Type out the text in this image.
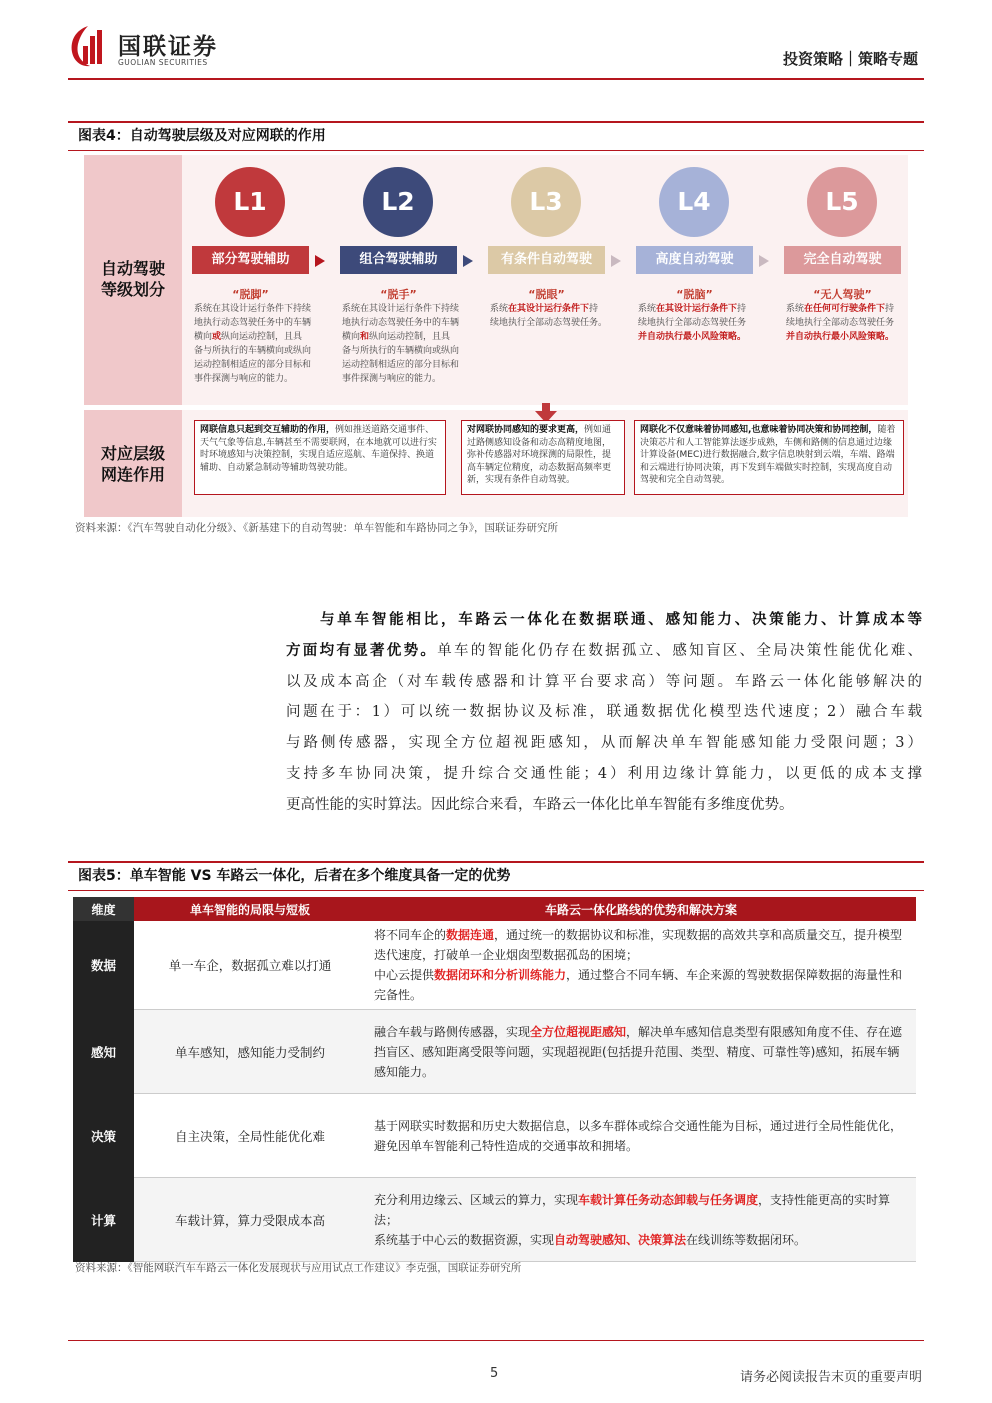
国联证券
GUOLIAN SECURITIES	投资策略｜策略专题
图表4：自动驾驶层级及对应网联的作用
自动驾驶
等级划分
对应层级
网连作用
L1
部分驾驶辅助
“脱脚”
系统在其设计运行条件下持续地执行动态驾驶任务中的车辆横向或纵向运动控制，且具备与所执行的车辆横向或纵向运动控制相适应的部分目标和事件探测与响应的能力。
L2
组合驾驶辅助
“脱手”
系统在其设计运行条件下持续地执行动态驾驶任务中的车辆横向和纵向运动控制，且具备与所执行的车辆横向或纵向运动控制相适应的部分目标和事件探测与响应的能力。
L3
有条件自动驾驶
“脱眼”
系统在其设计运行条件下持续地执行全部动态驾驶任务。
L4
高度自动驾驶
“脱脑”
系统在其设计运行条件下持续地执行全部动态驾驶任务并自动执行最小风险策略。
L5
完全自动驾驶
“无人驾驶”
系统在任何可行驶条件下持续地执行全部动态驾驶任务并自动执行最小风险策略。
网联信息只起到交互辅助的作用，例如推送道路交通事件、天气气象等信息,车辆甚至不需要联网，在本地就可以进行实时环境感知与决策控制，实现自适应巡航、车道保持、换道辅助、自动紧急制动等辅助驾驶功能。
对网联协同感知的要求更高，例如通过路侧感知设备和动态高精度地图，弥补传感器对环境探测的局限性，提高车辆定位精度，动态数据高频率更新，实现有条件自动驾驶。
网联化不仅意味着协同感知,也意味着协同决策和协同控制，随着决策芯片和人工智能算法逐步成熟，车侧和路侧的信息通过边缘计算设备(MEC)进行数据融合,数字信息映射到云端，车端、路端和云端进行协同决策，再下发到车端做实时控制，实现高度自动驾驶和完全自动驾驶。
资料来源：《汽车驾驶自动化分级》、《新基建下的自动驾驶：单车智能和车路协同之争》，国联证券研究所
与单车智能相比，车路云一体化在数据联通、感知能力、决策能力、计算成本等
方面均有显著优势。单车的智能化仍存在数据孤立、感知盲区、全局决策性能优化难、
以及成本高企（对车载传感器和计算平台要求高）等问题。车路云一体化能够解决的
问题在于：1）可以统一数据协议及标准，联通数据优化模型迭代速度；2）融合车载
与路侧传感器，实现全方位超视距感知，从而解决单车智能感知能力受限问题；3）
支持多车协同决策，提升综合交通性能；4）利用边缘计算能力，以更低的成本支撑
更高性能的实时算法。因此综合来看，车路云一体化比单车智能有多维度优势。
图表5：单车智能 VS 车路云一体化，后者在多个维度具备一定的优势
维度	单车智能的局限与短板	车路云一体化路线的优势和解决方案
数据	单一车企，数据孤立难以打通	将不同车企的数据连通，通过统一的数据协议和标准，实现数据的高效共享和高质量交互，提升模型迭代速度，打破单一企业烟囱型数据孤岛的困境；
中心云提供数据闭环和分析训练能力，通过整合不同车辆、车企来源的驾驶数据保障数据的海量性和完备性。
感知	单车感知，感知能力受制约	融合车载与路侧传感器，实现全方位超视距感知，解决单车感知信息类型有限感知角度不佳、存在遮挡盲区、感知距离受限等问题，实现超视距(包括提升范围、类型、精度、可靠性等)感知，拓展车辆感知能力。
决策	自主决策，全局性能优化难	基于网联实时数据和历史大数据信息，以多车群体或综合交通性能为目标，通过进行全局性能优化，避免因单车智能利己特性造成的交通事故和拥堵。
计算	车载计算，算力受限成本高	充分利用边缘云、区域云的算力，实现车载计算任务动态卸载与任务调度，支持性能更高的实时算法；
系统基于中心云的数据资源，实现自动驾驶感知、决策算法在线训练等数据闭环。
资料来源：《智能网联汽车车路云一体化发展现状与应用试点工作建议》李克强，国联证券研究所
5	请务必阅读报告末页的重要声明
